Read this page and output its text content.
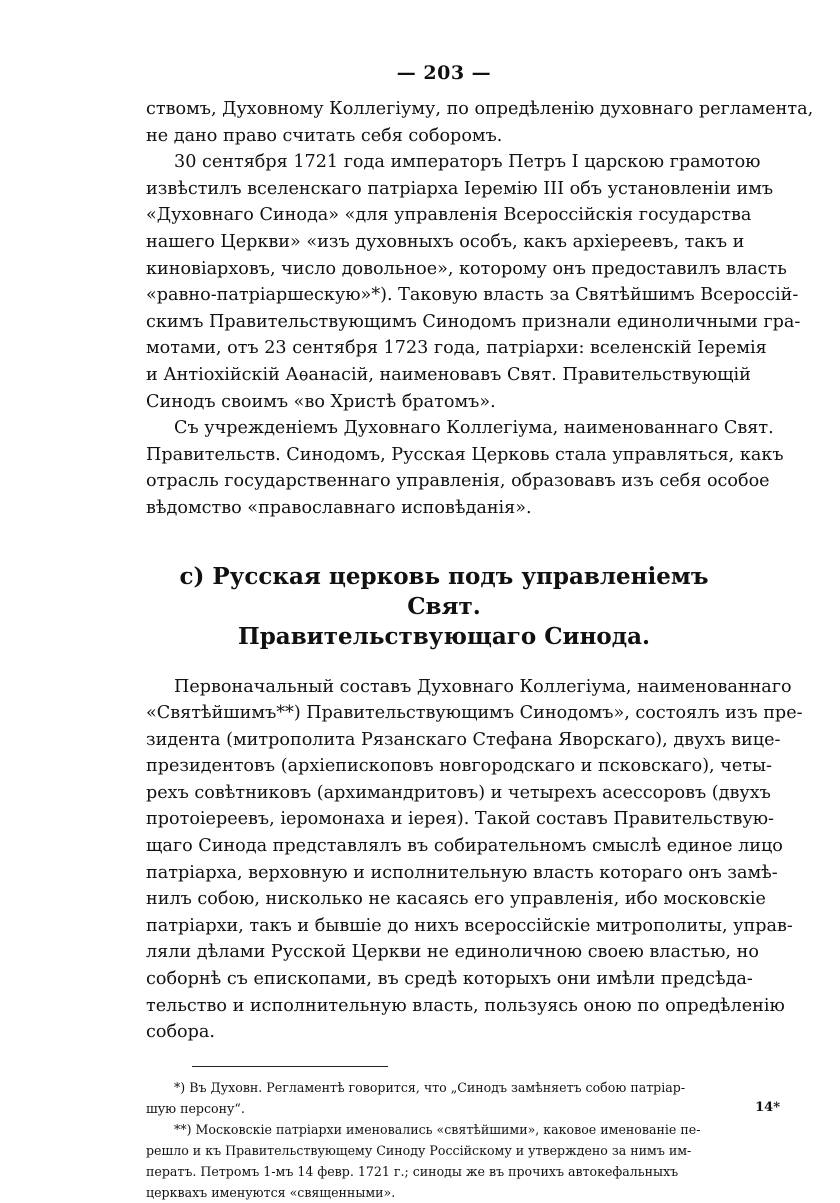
— 203 —

ствомъ, Духовному Коллегіуму, по опредѣленію духовнаго регламента,
не дано право считать себя соборомъ.

30 сентября 1721 года императоръ Петръ I царскою грамотою
извѣстилъ вселенскаго патріарха Іеремію III объ установленіи имъ
«Духовнаго Синода» «для управленія Всероссійскія государства
нашего Церкви» «изъ духовныхъ особъ, какъ архіереевъ, такъ и
киновіарховъ, число довольное», которому онъ предоставилъ власть
«равно-патріаршескую»*). Таковую власть за Святѣйшимъ Всероссій-
скимъ Правительствующимъ Синодомъ признали единоличными гра-
мотами, отъ 23 сентября 1723 года, патріархи: вселенскій Іеремія
и Антіохійскій Аѳанасій, наименовавъ Свят. Правительствующій
Синодъ своимъ «во Христѣ братомъ».

Съ учрежденіемъ Духовнаго Коллегіума, наименованнаго Свят.
Правительств. Синодомъ, Русская Церковь стала управляться, какъ
отрасль государственнаго управленія, образовавъ изъ себя особое
вѣдомство «православнаго исповѣданія».

c) Русская церковь подъ управленіемъ Свят.
Правительствующаго Синода.

Первоначальный составъ Духовнаго Коллегіума, наименованнаго
«Святѣйшимъ**) Правительствующимъ Синодомъ», состоялъ изъ пре-
зидента (митрополита Рязанскаго Стефана Яворскаго), двухъ вице-
президентовъ (архіепископовъ новгородскаго и псковскаго), четы-
рехъ совѣтниковъ (архимандритовъ) и четырехъ асессоровъ (двухъ
протоіереевъ, іеромонаха и іерея). Такой составъ Правительствую-
щаго Синода представлялъ въ собирательномъ смыслѣ единое лицо
патріарха, верховную и исполнительную власть котораго онъ замѣ-
нилъ собою, нисколько не касаясь его управленія, ибо московскіе
патріархи, такъ и бывшіе до нихъ всероссійскіе митрополиты, управ-
ляли дѣлами Русской Церкви не единоличною своею властью, но
соборнѣ съ епископами, въ средѣ которыхъ они имѣли предсѣда-
тельство и исполнительную власть, пользуясь оною по опредѣленію
собора.

*) Въ Духовн. Регламентѣ говорится, что „Синодъ замѣняетъ собою патріар-
шую персону“.

**) Московскіе патріархи именовались «святѣйшими», каковое именованіе пе-
решло и къ Правительствующему Синоду Россійскому и утверждено за нимъ им-
ператъ. Петромъ 1-мъ 14 февр. 1721 г.; синоды же въ прочихъ автокефальныхъ
церквахъ именуются «священными».

14*
